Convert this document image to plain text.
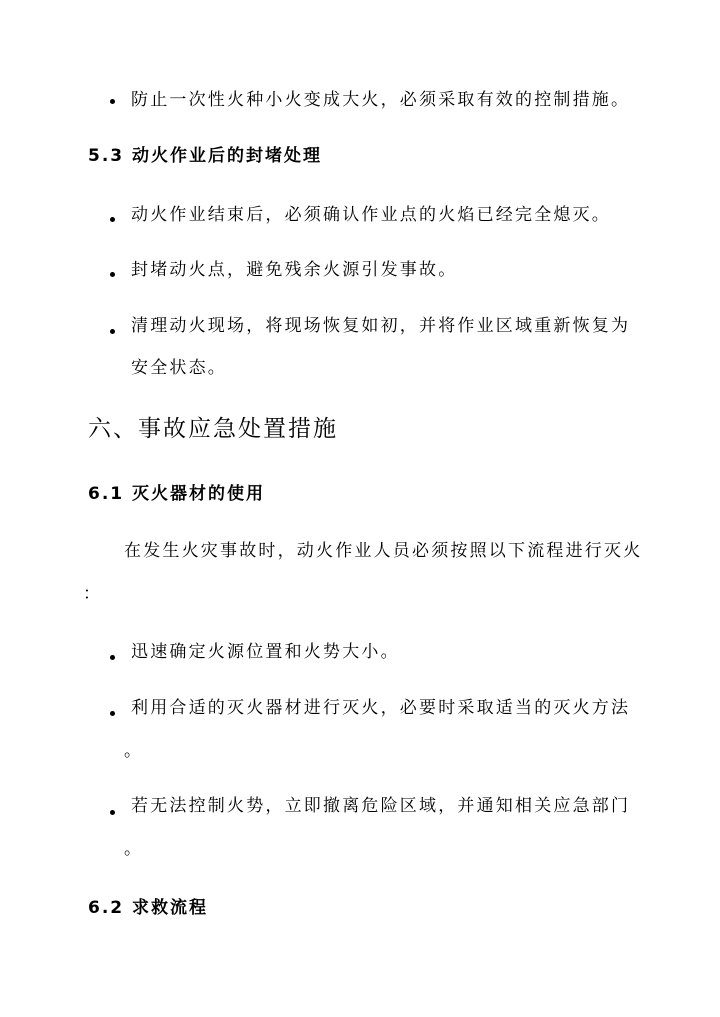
防止一次性火种小火变成大火，必须采取有效的控制措施。
5.3 动火作业后的封堵处理
动火作业结束后，必须确认作业点的火焰已经完全熄灭。
封堵动火点，避免残余火源引发事故。
清理动火现场，将现场恢复如初，并将作业区域重新恢复为
安全状态。
六、事故应急处置措施
6.1 灭火器材的使用
在发生火灾事故时，动火作业人员必须按照以下流程进行灭火
：
迅速确定火源位置和火势大小。
利用合适的灭火器材进行灭火，必要时采取适当的灭火方法
。
若无法控制火势，立即撤离危险区域，并通知相关应急部门
。
6.2 求救流程
